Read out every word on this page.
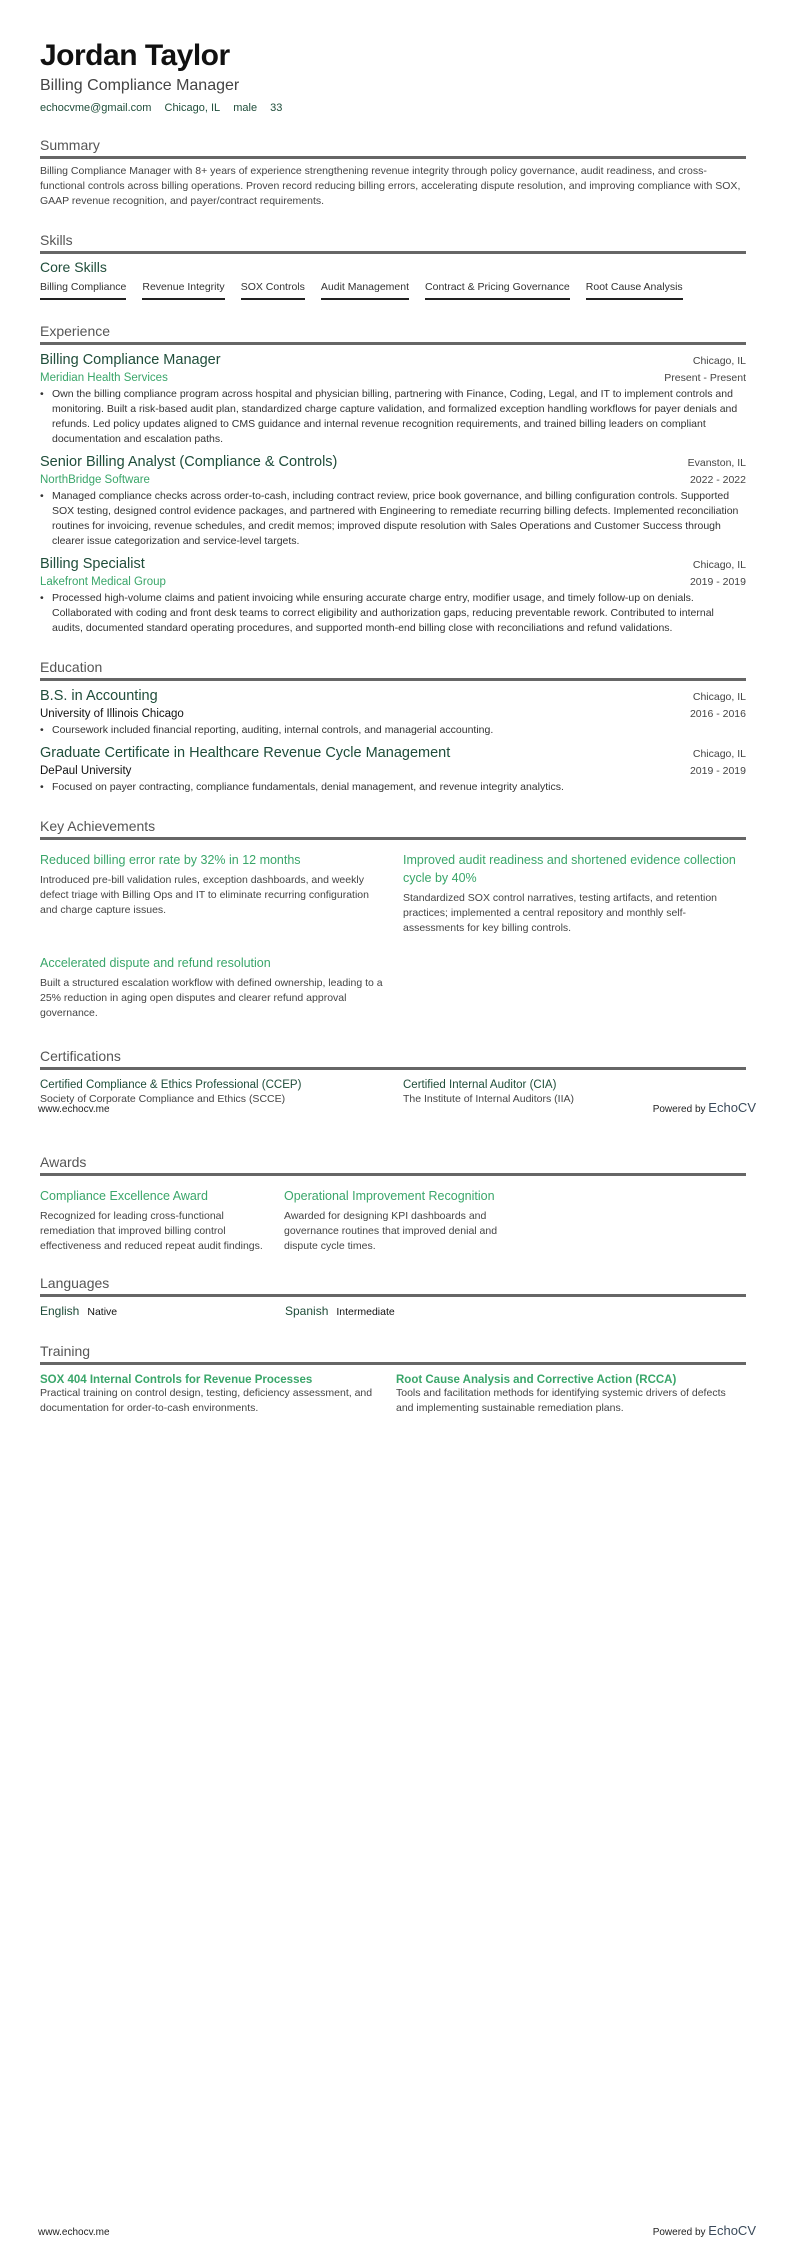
Jordan Taylor
Billing Compliance Manager
echocvme@gmail.com Chicago, IL male 33
Summary
Billing Compliance Manager with 8+ years of experience strengthening revenue integrity through policy governance, audit readiness, and cross-functional controls across billing operations. Proven record reducing billing errors, accelerating dispute resolution, and improving compliance with SOX, GAAP revenue recognition, and payer/contract requirements.
Skills
Core Skills
Billing Compliance Revenue Integrity SOX Controls Audit Management Contract & Pricing Governance Root Cause Analysis
Experience
Billing Compliance Manager	Chicago, IL
Meridian Health Services	Present - Present
• Own the billing compliance program across hospital and physician billing, partnering with Finance, Coding, Legal, and IT to implement controls and monitoring. Built a risk-based audit plan, standardized charge capture validation, and formalized exception handling workflows for payer denials and refunds. Led policy updates aligned to CMS guidance and internal revenue recognition requirements, and trained billing leaders on compliant documentation and escalation paths.
Senior Billing Analyst (Compliance & Controls)	Evanston, IL
NorthBridge Software	2022 - 2022
• Managed compliance checks across order-to-cash, including contract review, price book governance, and billing configuration controls. Supported SOX testing, designed control evidence packages, and partnered with Engineering to remediate recurring billing defects. Implemented reconciliation routines for invoicing, revenue schedules, and credit memos; improved dispute resolution with Sales Operations and Customer Success through clearer issue categorization and service-level targets.
Billing Specialist	Chicago, IL
Lakefront Medical Group	2019 - 2019
• Processed high-volume claims and patient invoicing while ensuring accurate charge entry, modifier usage, and timely follow-up on denials. Collaborated with coding and front desk teams to correct eligibility and authorization gaps, reducing preventable rework. Contributed to internal audits, documented standard operating procedures, and supported month-end billing close with reconciliations and refund validations.
Education
B.S. in Accounting	Chicago, IL
University of Illinois Chicago	2016 - 2016
• Coursework included financial reporting, auditing, internal controls, and managerial accounting.
Graduate Certificate in Healthcare Revenue Cycle Management	Chicago, IL
DePaul University	2019 - 2019
• Focused on payer contracting, compliance fundamentals, denial management, and revenue integrity analytics.
Key Achievements
Reduced billing error rate by 32% in 12 months
Introduced pre-bill validation rules, exception dashboards, and weekly defect triage with Billing Ops and IT to eliminate recurring configuration and charge capture issues.
Improved audit readiness and shortened evidence collection cycle by 40%
Standardized SOX control narratives, testing artifacts, and retention practices; implemented a central repository and monthly self-assessments for key billing controls.
Accelerated dispute and refund resolution
Built a structured escalation workflow with defined ownership, leading to a 25% reduction in aging open disputes and clearer refund approval governance.
Certifications
Certified Compliance & Ethics Professional (CCEP)
Society of Corporate Compliance and Ethics (SCCE)
Certified Internal Auditor (CIA)
The Institute of Internal Auditors (IIA)
www.echocv.me	Powered by EchoCV
Awards
Compliance Excellence Award
Recognized for leading cross-functional remediation that improved billing control effectiveness and reduced repeat audit findings.
Operational Improvement Recognition
Awarded for designing KPI dashboards and governance routines that improved denial and dispute cycle times.
Languages
English Native	Spanish Intermediate
Training
SOX 404 Internal Controls for Revenue Processes
Practical training on control design, testing, deficiency assessment, and documentation for order-to-cash environments.
Root Cause Analysis and Corrective Action (RCCA)
Tools and facilitation methods for identifying systemic drivers of defects and implementing sustainable remediation plans.
www.echocv.me	Powered by EchoCV
